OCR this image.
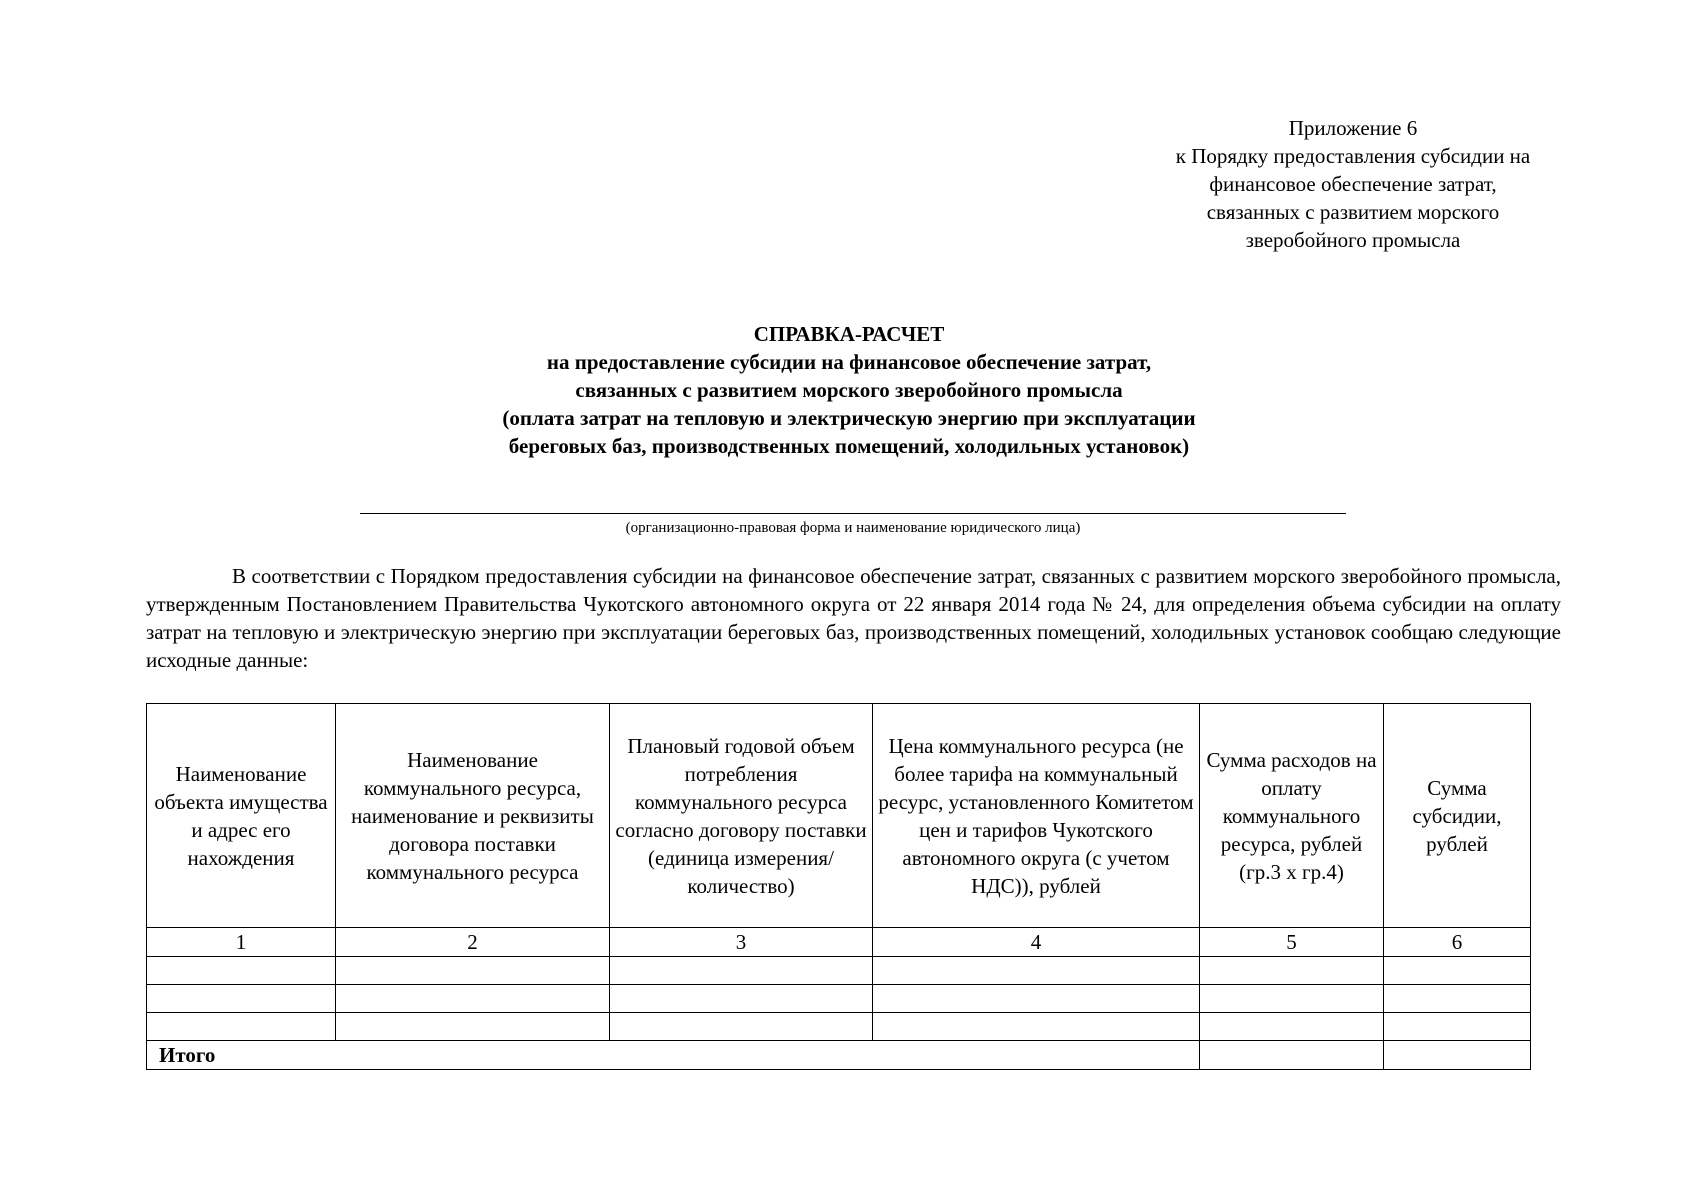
Приложение 6
к Порядку предоставления субсидии на
финансовое обеспечение затрат,
связанных с развитием морского
зверобойного промысла
СПРАВКА-РАСЧЕТ
на предоставление субсидии на финансовое обеспечение затрат,
связанных с развитием морского зверобойного промысла
(оплата затрат на тепловую и электрическую энергию при эксплуатации
береговых баз, производственных помещений, холодильных установок)
(организационно-правовая форма и наименование юридического лица)

В соответствии с Порядком предоставления субсидии на финансовое обеспечение затрат, связанных с развитием морского зверобойного промысла, утвержденным Постановлением Правительства Чукотского автономного округа от 22 января 2014 года № 24, для определения объема субсидии на оплату затрат на тепловую и электрическую энергию при эксплуатации береговых баз, производственных помещений, холодильных установок сообщаю следующие исходные данные:

Наименование объекта имущества и адрес его нахождения	Наименование коммунального ресурса, наименование и реквизиты договора поставки коммунального ресурса	Плановый годовой объем потребления коммунального ресурса согласно договору поставки (единица измерения/количество)	Цена коммунального ресурса (не более тарифа на коммунальный ресурс, установленного Комитетом цен и тарифов Чукотского автономного округа (с учетом НДС)), рублей	Сумма расходов на оплату коммунального ресурса, рублей (гр.3 х гр.4)	Сумма субсидии, рублей
1	2	3	4	5	6

Итого					
